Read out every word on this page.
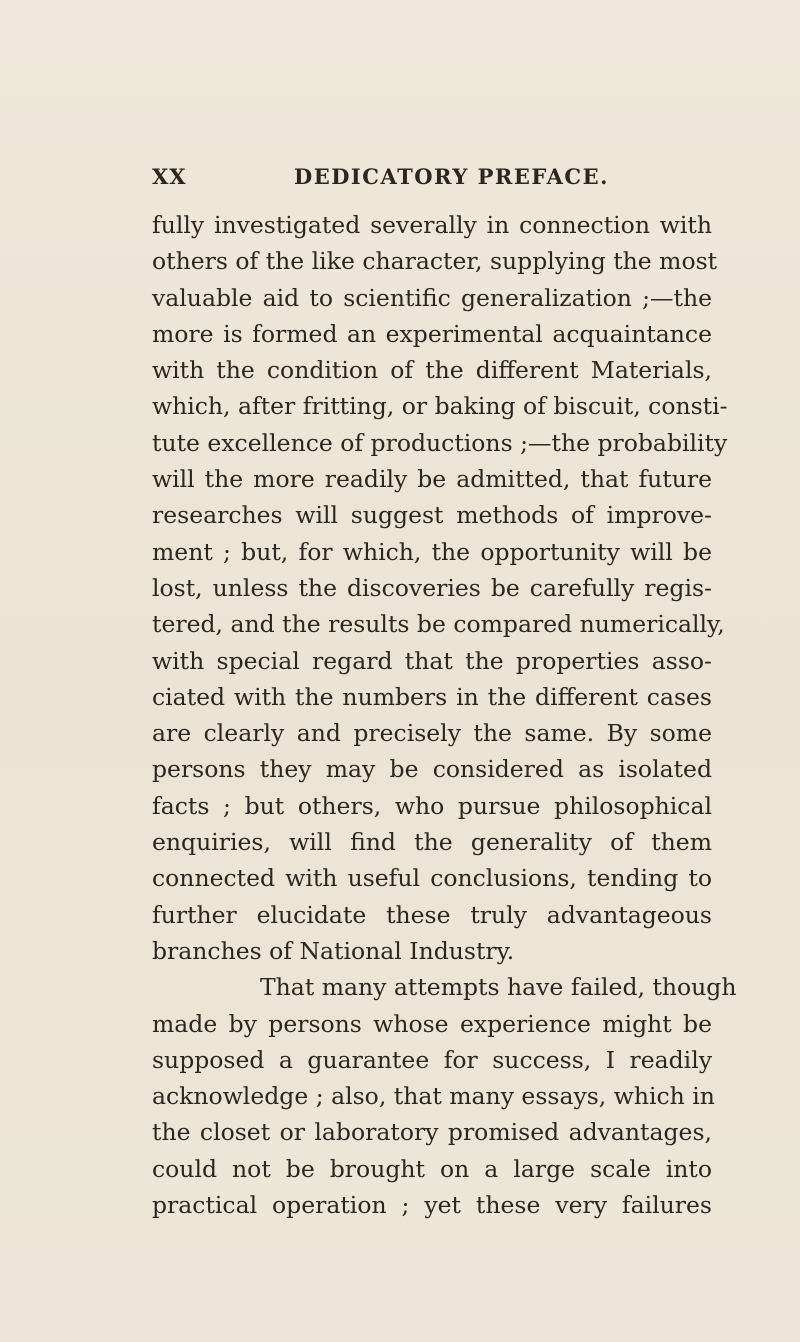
XX	DEDICATORY PREFACE.
fully investigated severally in connection with
others of the like character, supplying the most
valuable aid to scientific generalization ;—the
more is formed an experimental acquaintance
with the condition of the different Materials,
which, after fritting, or baking of biscuit, consti-
tute excellence of productions ;—the probability
will the more readily be admitted, that future
researches will suggest methods of improve-
ment ; but, for which, the opportunity will be
lost, unless the discoveries be carefully regis-
tered, and the results be compared numerically,
with special regard that the properties asso-
ciated with the numbers in the different cases
are clearly and precisely the same. By some
persons they may be considered as isolated
facts ; but others, who pursue philosophical
enquiries, will find the generality of them
connected with useful conclusions, tending to
further elucidate these truly advantageous
branches of National Industry.
That many attempts have failed, though
made by persons whose experience might be
supposed a guarantee for success, I readily
acknowledge ; also, that many essays, which in
the closet or laboratory promised advantages,
could not be brought on a large scale into
practical operation ; yet these very failures
